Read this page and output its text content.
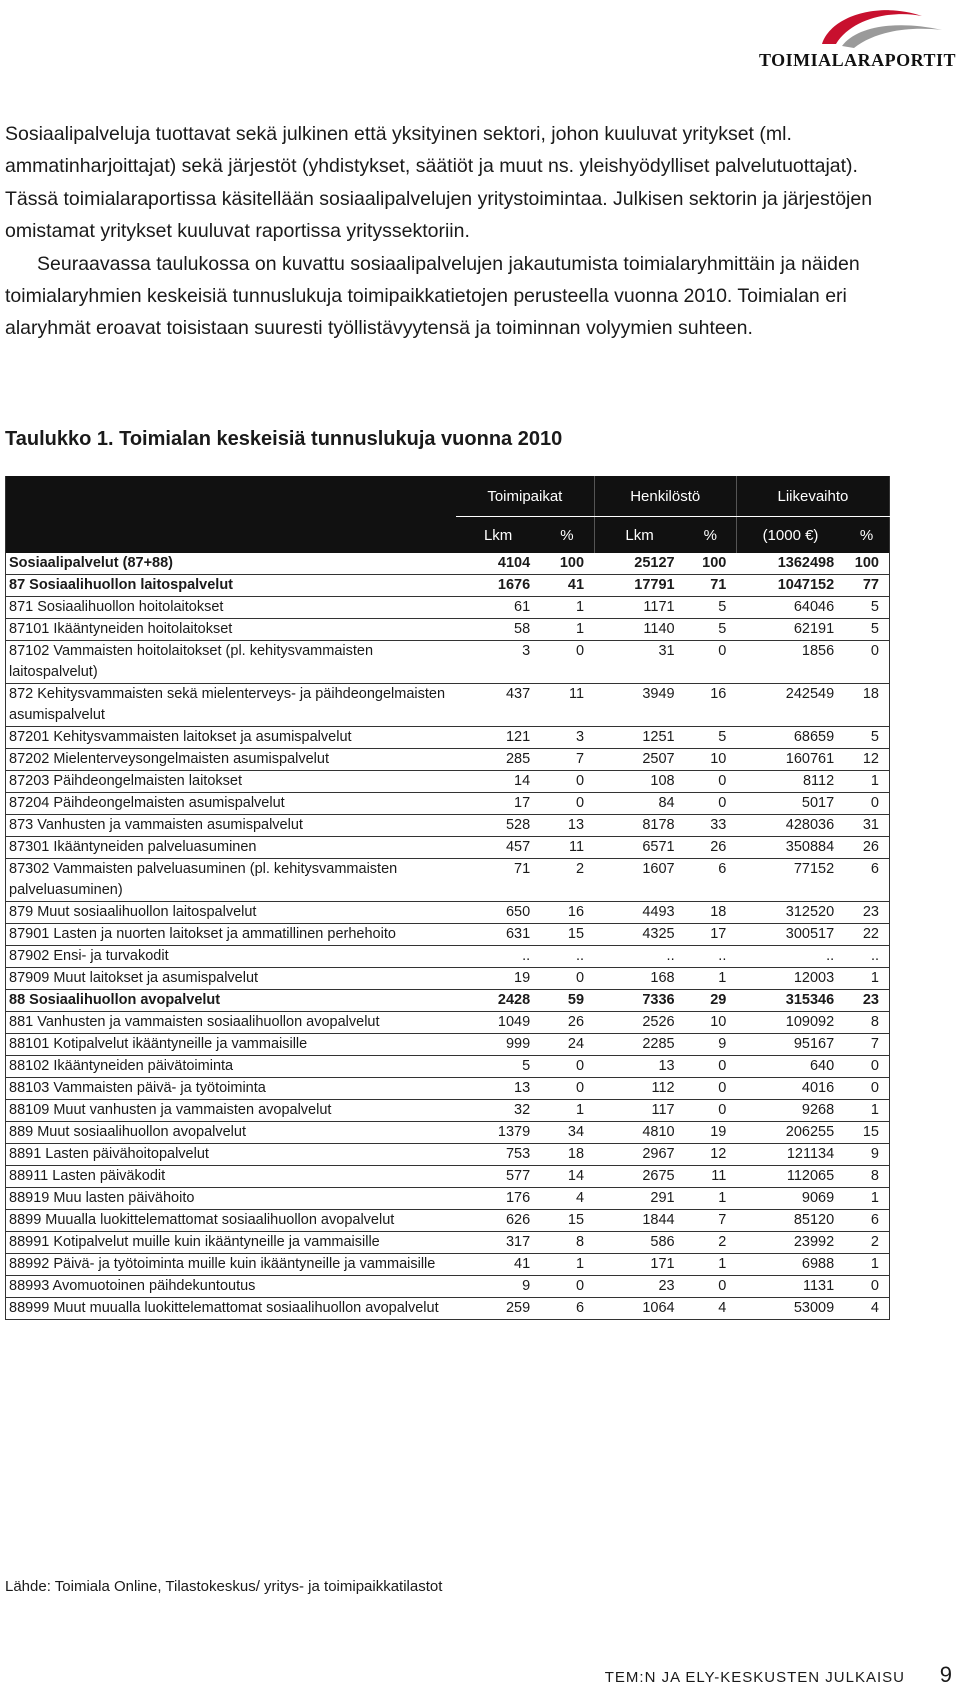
TOIMIALARAPORTIT

Sosiaalipalveluja tuottavat sekä julkinen että yksityinen sektori, johon kuuluvat yritykset (ml. ammatinharjoittajat) sekä järjestöt (yhdistykset, säätiöt ja muut ns. yleishyödylliset palvelutuottajat). Tässä toimialaraportissa käsitellään sosiaalipalvelujen yritystoimintaa. Julkisen sektorin ja järjestöjen omistamat yritykset kuuluvat raportissa yrityssektoriin.

Seuraavassa taulukossa on kuvattu sosiaalipalvelujen jakautumista toimialaryhmittäin ja näiden toimialaryhmien keskeisiä tunnuslukuja toimipaikkatietojen perusteella vuonna 2010. Toimialan eri alaryhmät eroavat toisistaan suuresti työllistävyytensä ja toiminnan volyymien suhteen.

Taulukko 1. Toimialan keskeisiä tunnuslukuja vuonna 2010
	Toimipaikat		Henkilöstö		Liikevaihto	
	Lkm	%	Lkm	%	(1000 €)	%
Sosiaalipalvelut (87+88)	4104	100	25127	100	1362498	100
87 Sosiaalihuollon laitospalvelut	1676	41	17791	71	1047152	77
871 Sosiaalihuollon hoitolaitokset	61	1	1171	5	64046	5
87101 Ikääntyneiden hoitolaitokset	58	1	1140	5	62191	5
87102 Vammaisten hoitolaitokset (pl. kehitysvammaisten laitospalvelut)	3	0	31	0	1856	0
872 Kehitysvammaisten sekä mielenterveys- ja päihdeongelmaisten asumispalvelut	437	11	3949	16	242549	18
87201 Kehitysvammaisten laitokset ja asumispalvelut	121	3	1251	5	68659	5
87202 Mielenterveysongelmaisten asumispalvelut	285	7	2507	10	160761	12
87203 Päihdeongelmaisten laitokset	14	0	108	0	8112	1
87204 Päihdeongelmaisten asumispalvelut	17	0	84	0	5017	0
873 Vanhusten ja vammaisten asumispalvelut	528	13	8178	33	428036	31
87301 Ikääntyneiden palveluasuminen	457	11	6571	26	350884	26
87302 Vammaisten palveluasuminen (pl. kehitysvammaisten palveluasuminen)	71	2	1607	6	77152	6
879 Muut sosiaalihuollon laitospalvelut	650	16	4493	18	312520	23
87901 Lasten ja nuorten laitokset ja ammatillinen perhehoito	631	15	4325	17	300517	22
87902 Ensi- ja turvakodit	..	..	..	..	..	..
87909 Muut laitokset ja asumispalvelut	19	0	168	1	12003	1
88 Sosiaalihuollon avopalvelut	2428	59	7336	29	315346	23
881 Vanhusten ja vammaisten sosiaalihuollon avopalvelut	1049	26	2526	10	109092	8
88101 Kotipalvelut ikääntyneille ja vammaisille	999	24	2285	9	95167	7
88102 Ikääntyneiden päivätoiminta	5	0	13	0	640	0
88103 Vammaisten päivä- ja työtoiminta	13	0	112	0	4016	0
88109 Muut vanhusten ja vammaisten avopalvelut	32	1	117	0	9268	1
889 Muut sosiaalihuollon avopalvelut	1379	34	4810	19	206255	15
8891 Lasten päivähoitopalvelut	753	18	2967	12	121134	9
88911 Lasten päiväkodit	577	14	2675	11	112065	8
88919 Muu lasten päivähoito	176	4	291	1	9069	1
8899 Muualla luokittelemattomat sosiaalihuollon avopalvelut	626	15	1844	7	85120	6
88991 Kotipalvelut muille kuin ikääntyneille ja vammaisille	317	8	586	2	23992	2
88992 Päivä- ja työtoiminta muille kuin ikääntyneille ja vammaisille	41	1	171	1	6988	1
88993 Avomuotoinen päihdekuntoutus	9	0	23	0	1131	0
88999 Muut muualla luokittelemattomat sosiaalihuollon avopalvelut	259	6	1064	4	53009	4

Lähde: Toimiala Online, Tilastokeskus/ yritys- ja toimipaikkatilastot

TEM:N JA ELY-KESKUSTEN JULKAISU 9
